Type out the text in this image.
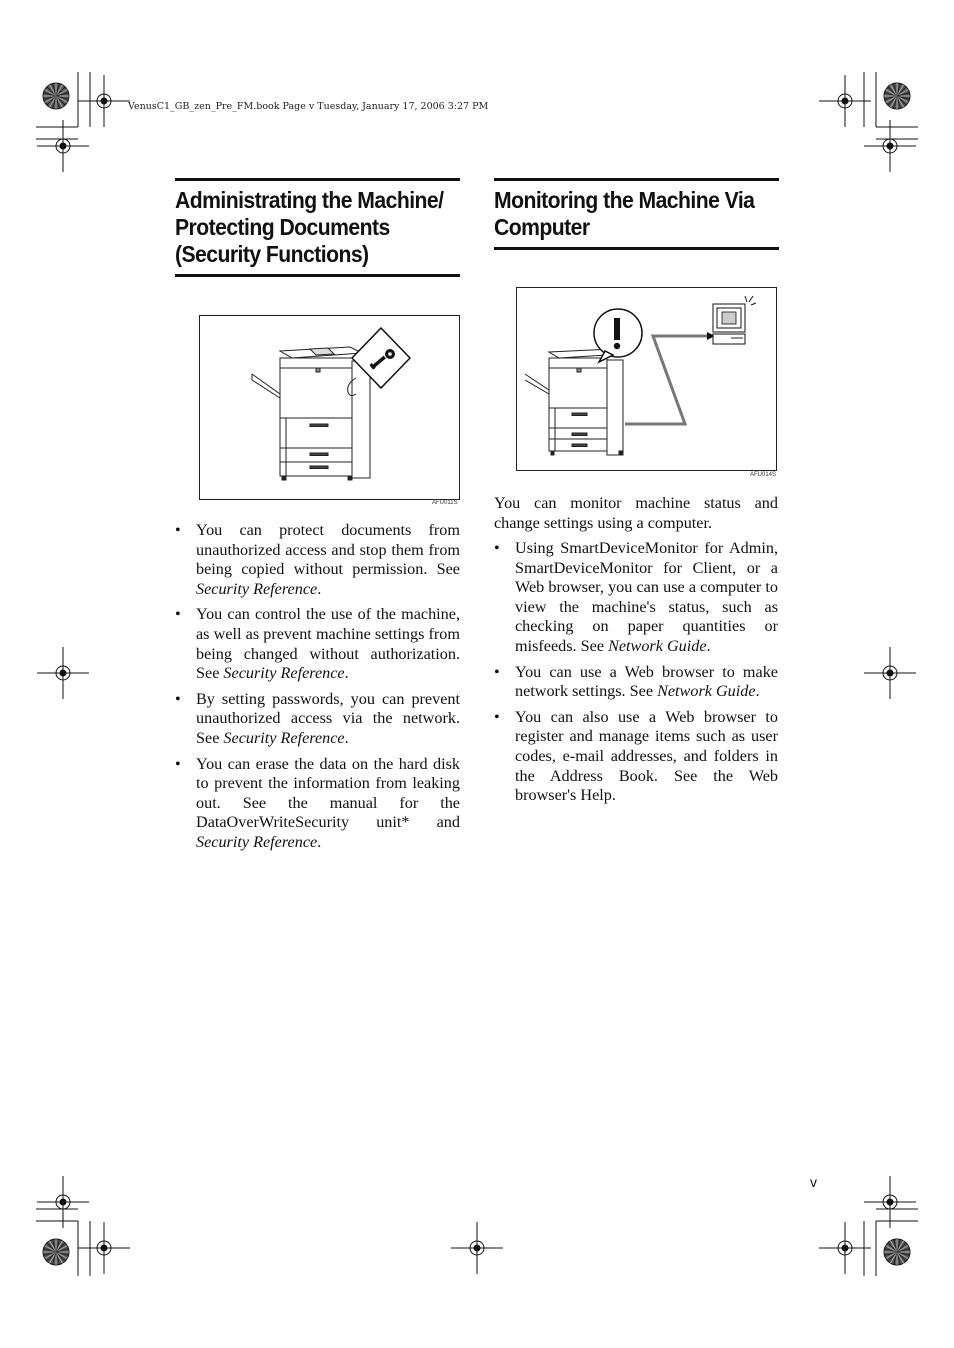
VenusC1_GB_zen_Pre_FM.book Page v Tuesday, January 17, 2006 3:27 PM
Administrating the Machine/
Protecting Documents
(Security Functions)
AFU011S
• You can protect documents from unauthorized access and stop them from being copied without permission. See Security Reference.
• You can control the use of the machine, as well as prevent machine settings from being changed without authorization. See Security Reference.
• By setting passwords, you can prevent unauthorized access via the network. See Security Reference.
• You can erase the data on the hard disk to prevent the information from leaking out. See the manual for the DataOverWriteSecurity unit* and Security Reference.
Monitoring the Machine Via
Computer
AFU014S

You can monitor machine status and change settings using a computer.

• Using SmartDeviceMonitor for Admin, SmartDeviceMonitor for Client, or a Web browser, you can use a computer to view the machine's status, such as checking on paper quantities or misfeeds. See Network Guide.
• You can use a Web browser to make network settings. See Network Guide.
• You can also use a Web browser to register and manage items such as user codes, e-mail addresses, and folders in the Address Book. See the Web browser's Help.
v
